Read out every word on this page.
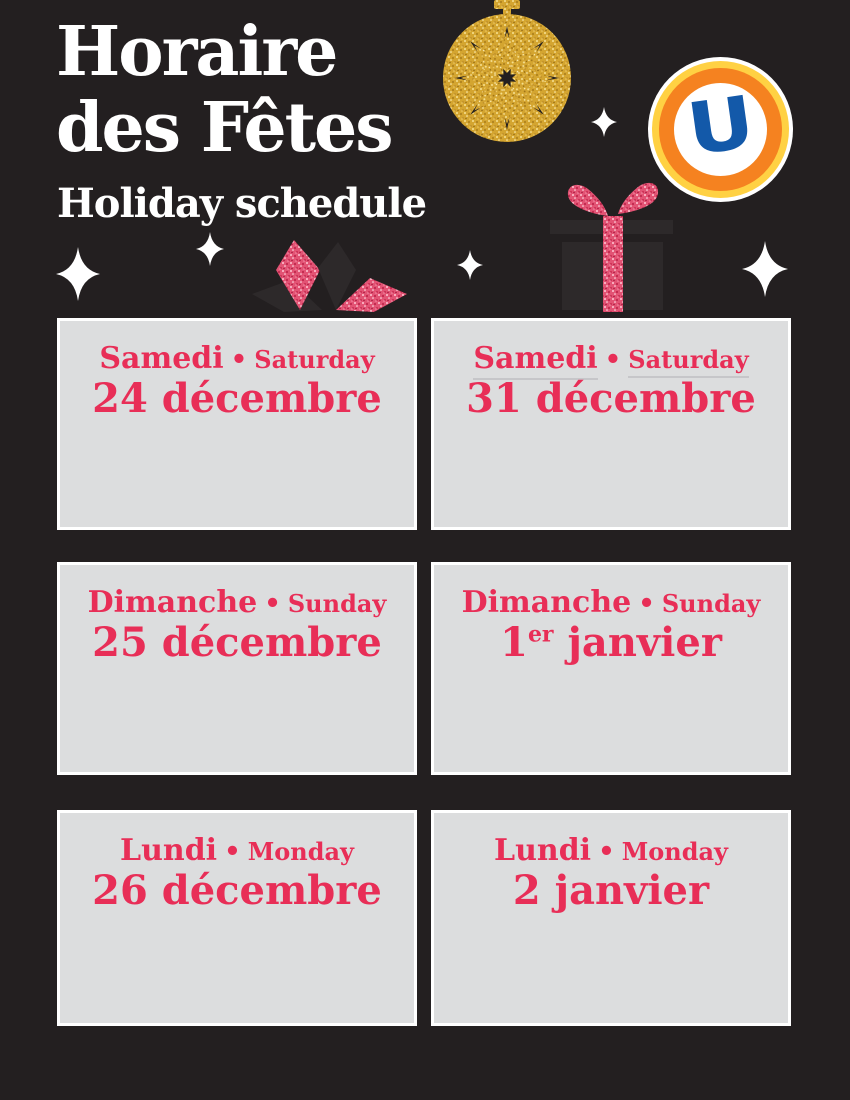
Horaire
des Fêtes
Holiday schedule
U
Samedi • Saturday
24 décembre
Samedi • Saturday
31 décembre
Dimanche • Sunday
25 décembre
Dimanche • Sunday
1er janvier
Lundi • Monday
26 décembre
Lundi • Monday
2 janvier
